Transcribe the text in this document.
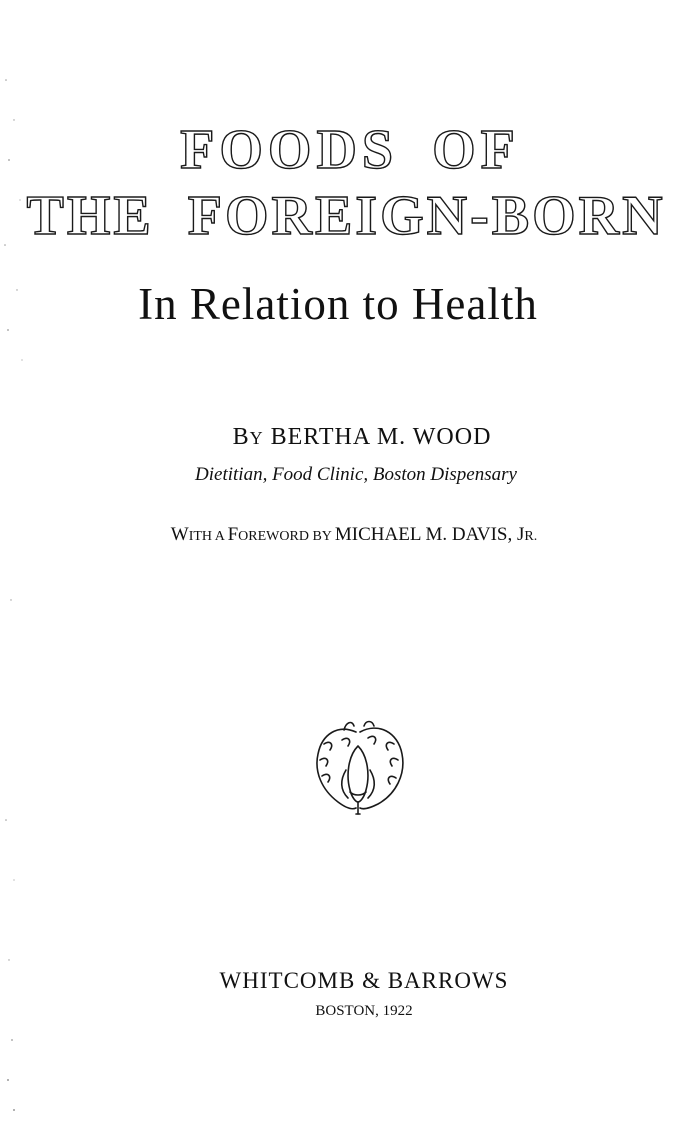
FOODS OF
THE FOREIGN-BORN
In Relation to Health
BY BERTHA M. WOOD
Dietitian, Food Clinic, Boston Dispensary
WITH A FOREWORD BY MICHAEL M. DAVIS, JR.
WHITCOMB & BARROWS
BOSTON, 1922
